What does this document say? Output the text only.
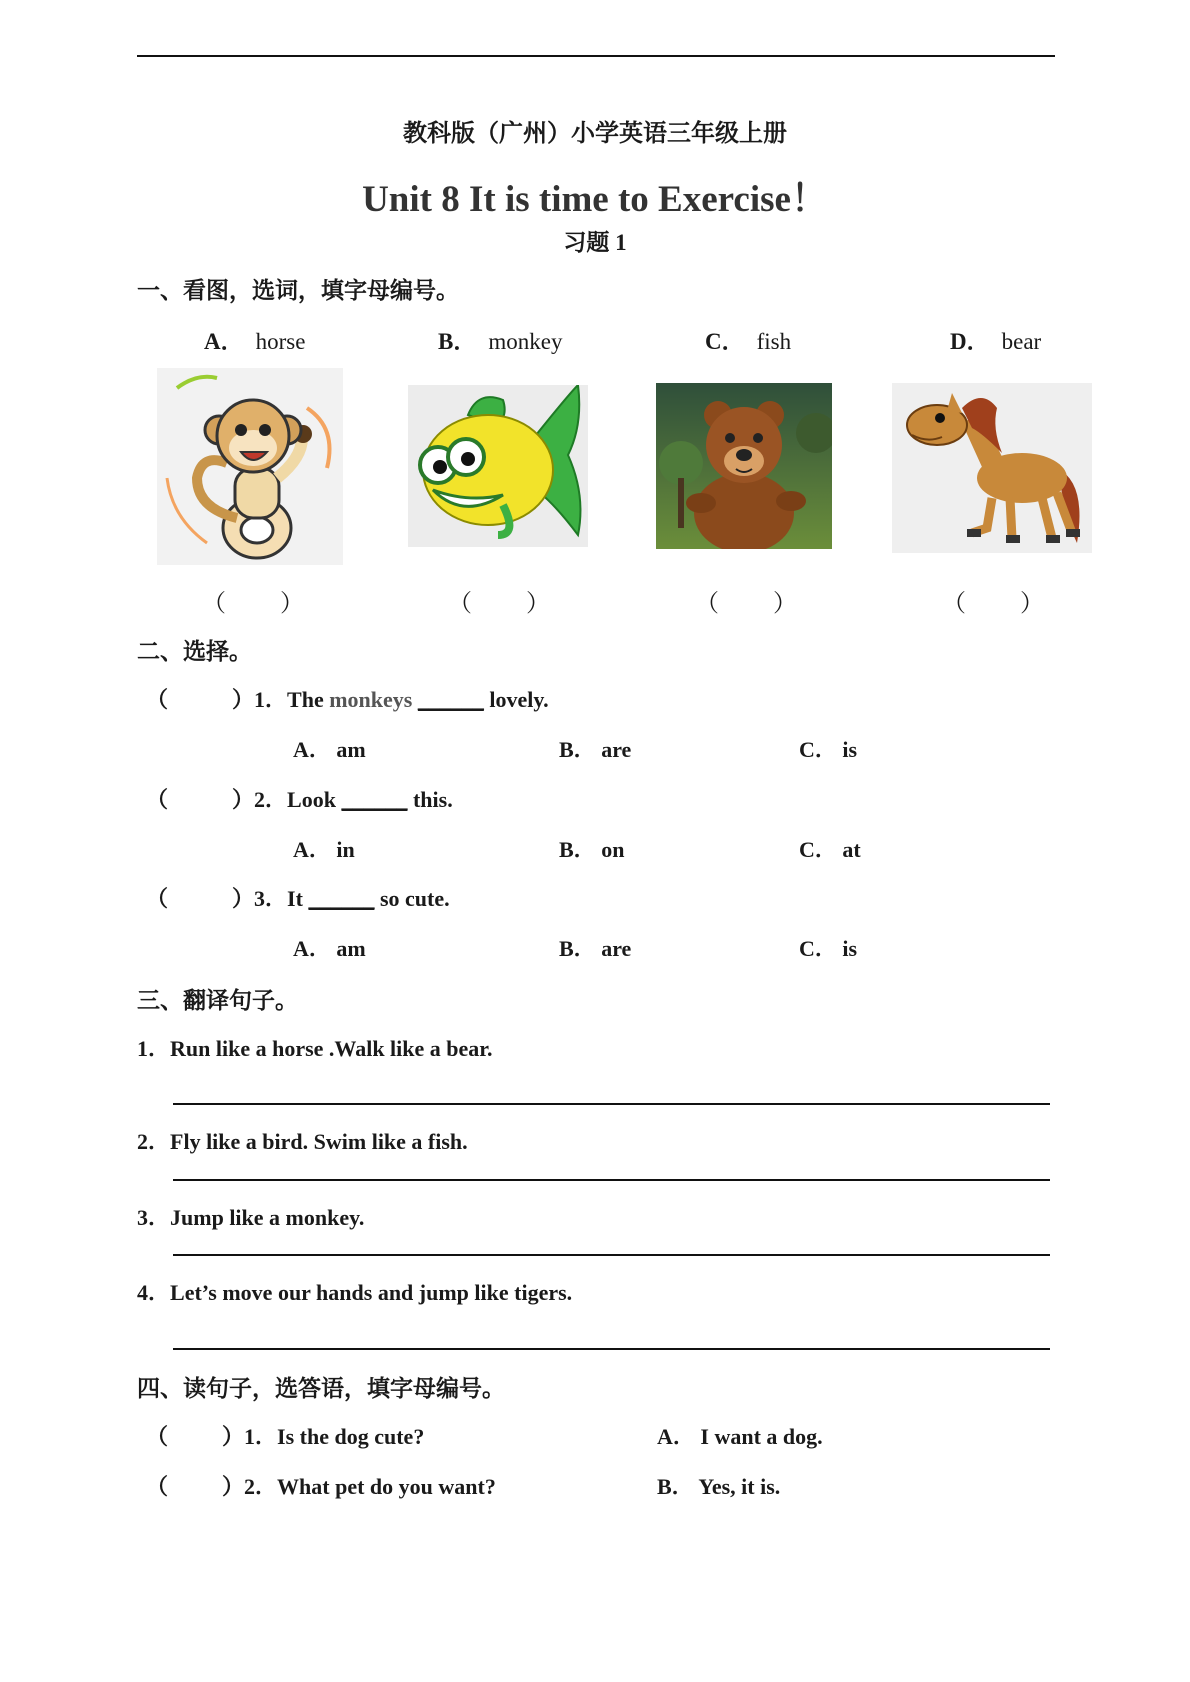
教科版（广州）小学英语三年级上册
Unit 8 It is time to Exercise！
习题 1
一、看图，选词，填字母编号。
A． horse	B． monkey	C． fish	D． bear
（ ）	（ ）	（ ）	（ ）
二、选择。
（	）1．The monkeys ______ lovely.
A． am	B． are	C． is
（	）2．Look ______ this.
A． in	B． on	C． at
（	）3．It ______ so cute.
A． am	B． are	C． is
三、翻译句子。
1．Run like a horse .Walk like a bear.
2．Fly like a bird. Swim like a fish.
3．Jump like a monkey.
4．Let’s move our hands and jump like tigers.
四、读句子，选答语，填字母编号。
（ ）1．Is the dog cute?	A． I want a dog.
（ ）2．What pet do you want?	B． Yes, it is.
